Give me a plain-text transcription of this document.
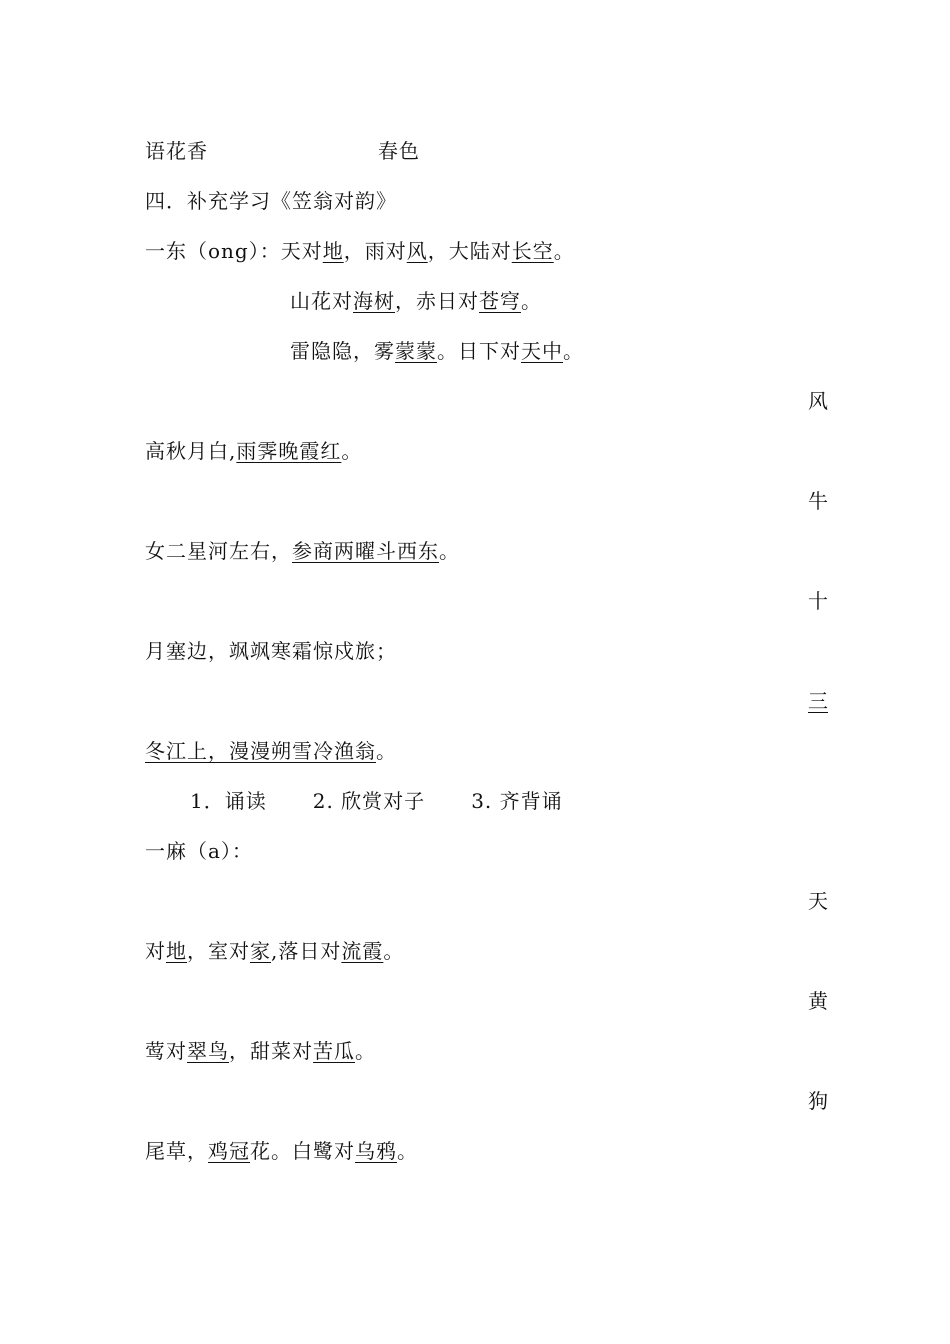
语花香	春色
四．补充学习《笠翁对韵》
一东（ong）：天对地，雨对风，大陆对长空。
山花对海树，赤日对苍穹。
雷隐隐，雾蒙蒙。日下对天中。
风
高秋月白,雨霁晚霞红。
牛
女二星河左右，参商两曜斗西东。
十
月塞边，飒飒寒霜惊戍旅；
三
冬江上，漫漫朔雪冷渔翁。
1．诵读 2. 欣赏对子 3. 齐背诵
一麻（a）：
天
对地，室对家,落日对流霞。
黄
莺对翠鸟，甜菜对苦瓜。
狗
尾草，鸡冠花。白鹭对乌鸦。
